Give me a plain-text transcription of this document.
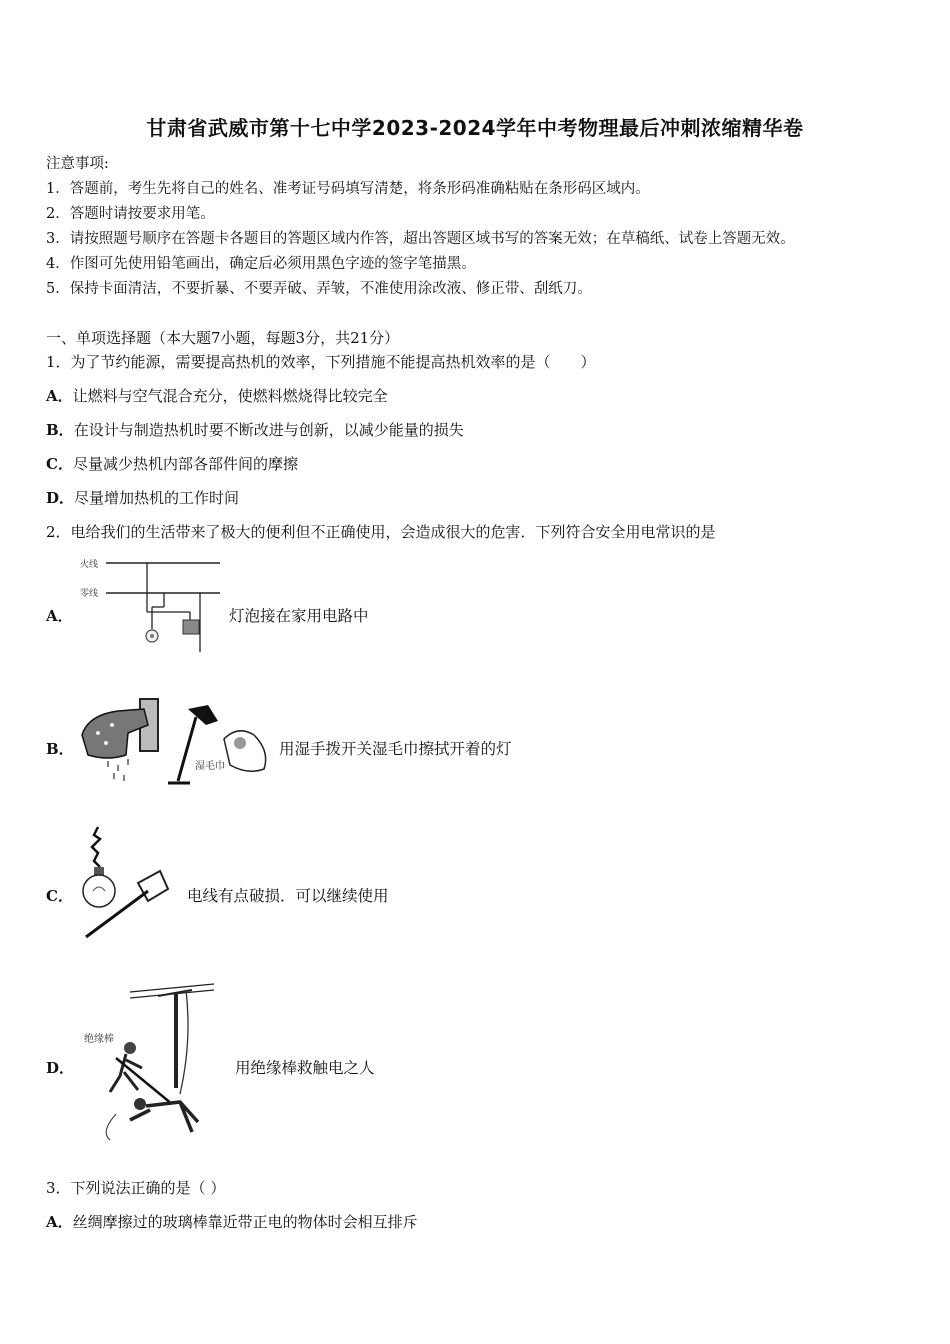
甘肃省武威市第十七中学2023-2024学年中考物理最后冲刺浓缩精华卷
注意事项:
1．答题前，考生先将自己的姓名、准考证号码填写清楚，将条形码准确粘贴在条形码区域内。
2．答题时请按要求用笔。
3．请按照题号顺序在答题卡各题目的答题区域内作答，超出答题区域书写的答案无效；在草稿纸、试卷上答题无效。
4．作图可先使用铅笔画出，确定后必须用黑色字迹的签字笔描黑。
5．保持卡面清洁，不要折暴、不要弄破、弄皱，不准使用涂改液、修正带、刮纸刀。
一、单项选择题（本大题7小题，每题3分，共21分）
1．为了节约能源，需要提高热机的效率，下列措施不能提高热机效率的是（　　）
A．让燃料与空气混合充分，使燃料燃烧得比较完全
B．在设计与制造热机时要不断改进与创新，以减少能量的损失
C．尽量减少热机内部各部件间的摩擦
D．尽量增加热机的工作时间
2．电给我们的生活带来了极大的便利但不正确使用，会造成很大的危害．下列符合安全用电常识的是
A．
火线
零线
灯泡接在家用电路中
B．
湿毛巾
用湿手拨开关湿毛巾擦拭开着的灯
C．	电线有点破损．可以继续使用
D．
绝缘棒
用绝缘棒救触电之人
3．下列说法正确的是（ ）
A．丝绸摩擦过的玻璃棒靠近带正电的物体时会相互排斥
